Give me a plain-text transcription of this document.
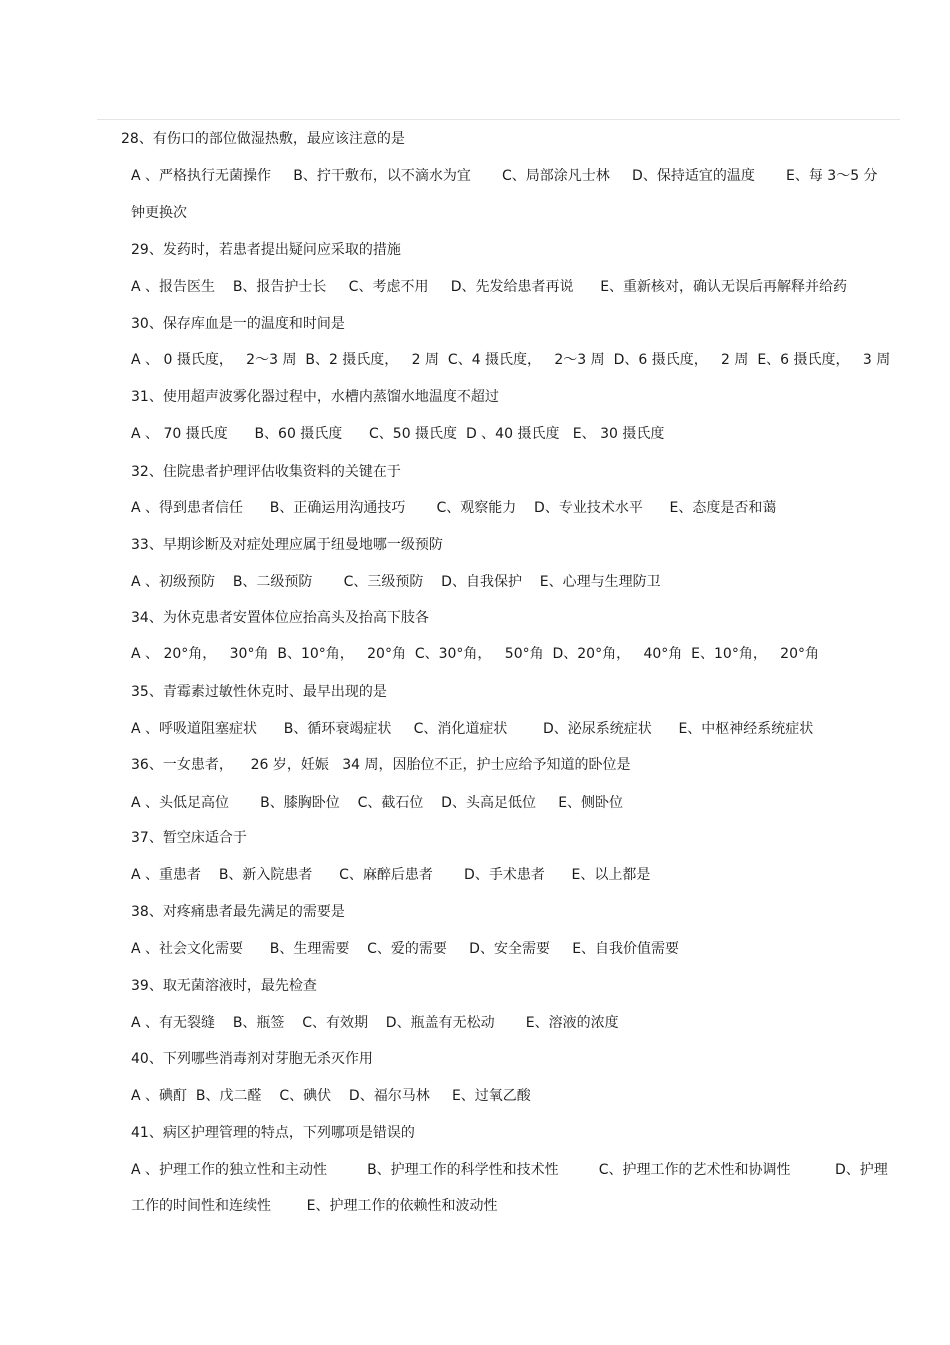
28、有伤口的部位做湿热敷，最应该注意的是
A 、严格执行无菌操作     B、拧干敷布，以不滴水为宜       C、局部涂凡士林     D、保持适宜的温度       E、每 3～5 分
钟更换次
29、发药时，若患者提出疑问应采取的措施
A 、报告医生    B、报告护士长     C、考虑不用     D、先发给患者再说      E、重新核对，确认无误后再解释并给药
30、保存库血是一的温度和时间是
A 、 0 摄氏度，   2～3 周  B、2 摄氏度，   2 周  C、4 摄氏度，   2～3 周  D、6 摄氏度，   2 周  E、6 摄氏度，   3 周
31、使用超声波雾化器过程中，水槽内蒸馏水地温度不超过
A 、 70 摄氏度      B、60 摄氏度      C、50 摄氏度  D 、40 摄氏度   E、 30 摄氏度
32、住院患者护理评估收集资料的关键在于
A 、得到患者信任      B、正确运用沟通技巧       C、观察能力    D、专业技术水平      E、态度是否和蔼
33、早期诊断及对症处理应属于纽曼地哪一级预防
A 、初级预防    B、二级预防       C、三级预防    D、自我保护    E、心理与生理防卫
34、为休克患者安置体位应抬高头及抬高下肢各
A 、 20°角，   30°角  B、10°角，   20°角  C、30°角，   50°角  D、20°角，   40°角  E、10°角，   20°角
35、青霉素过敏性休克时、最早出现的是
A 、呼吸道阻塞症状      B、循环衰竭症状     C、消化道症状        D、泌尿系统症状      E、中枢神经系统症状
36、一女患者，    26 岁，妊娠   34 周，因胎位不正，护士应给予知道的卧位是
A 、头低足高位       B、膝胸卧位    C、截石位    D、头高足低位     E、侧卧位
37、暂空床适合于
A 、重患者    B、新入院患者      C、麻醉后患者       D、手术患者      E、以上都是
38、对疼痛患者最先满足的需要是
A 、社会文化需要      B、生理需要    C、爱的需要     D、安全需要     E、自我价值需要
39、取无菌溶液时，最先检查
A 、有无裂缝    B、瓶签    C、有效期    D、瓶盖有无松动       E、溶液的浓度
40、下列哪些消毒剂对芽胞无杀灭作用
A 、碘酊  B、戊二醛    C、碘伏    D、福尔马林     E、过氧乙酸
41、病区护理管理的特点，下列哪项是错误的
A 、护理工作的独立性和主动性         B、护理工作的科学性和技术性         C、护理工作的艺术性和协调性          D、护理
工作的时间性和连续性        E、护理工作的依赖性和波动性
